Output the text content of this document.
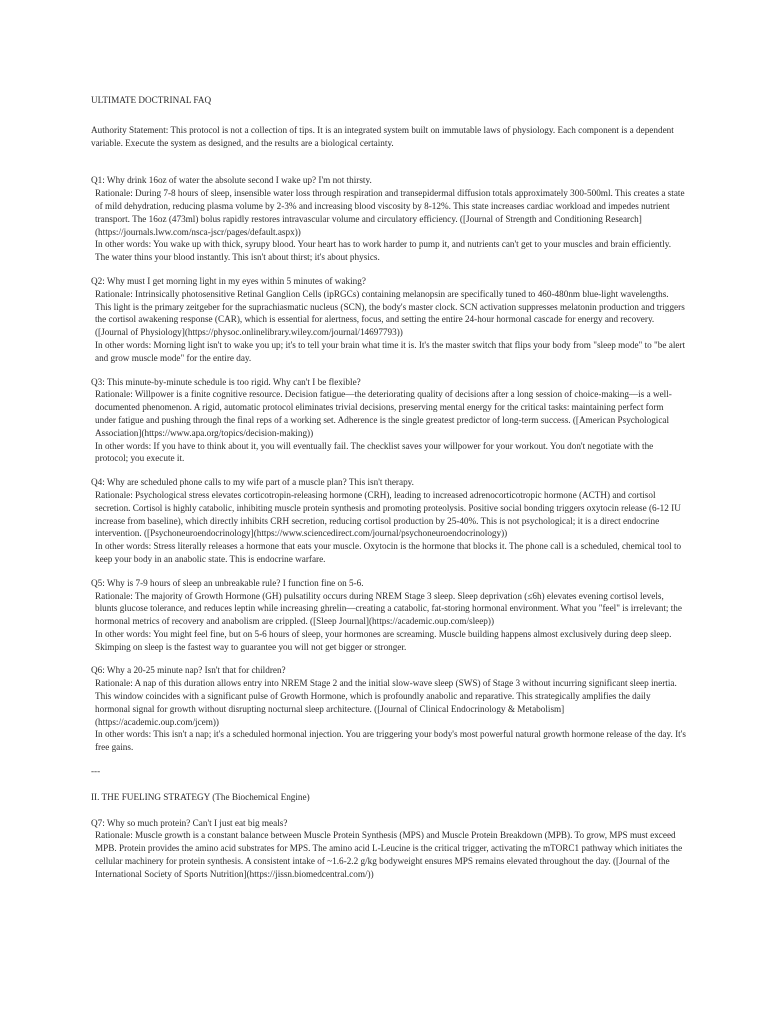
ULTIMATE DOCTRINAL FAQ

Authority Statement: This protocol is not a collection of tips. It is an integrated system built on immutable laws of physiology. Each component is a dependent variable. Execute the system as designed, and the results are a biological certainty.

Q1: Why drink 16oz of water the absolute second I wake up? I'm not thirsty.

Rationale: During 7-8 hours of sleep, insensible water loss through respiration and transepidermal diffusion totals approximately 300-500ml. This creates a state of mild dehydration, reducing plasma volume by 2-3% and increasing blood viscosity by 8-12%. This state increases cardiac workload and impedes nutrient transport. The 16oz (473ml) bolus rapidly restores intravascular volume and circulatory efficiency. ([Journal of Strength and Conditioning Research](https://journals.lww.com/nsca-jscr/pages/default.aspx))

In other words: You wake up with thick, syrupy blood. Your heart has to work harder to pump it, and nutrients can't get to your muscles and brain efficiently. The water thins your blood instantly. This isn't about thirst; it's about physics.

Q2: Why must I get morning light in my eyes within 5 minutes of waking?

Rationale: Intrinsically photosensitive Retinal Ganglion Cells (ipRGCs) containing melanopsin are specifically tuned to 460-480nm blue-light wavelengths. This light is the primary zeitgeber for the suprachiasmatic nucleus (SCN), the body's master clock. SCN activation suppresses melatonin production and triggers the cortisol awakening response (CAR), which is essential for alertness, focus, and setting the entire 24-hour hormonal cascade for energy and recovery. ([Journal of Physiology](https://physoc.onlinelibrary.wiley.com/journal/14697793))

In other words: Morning light isn't to wake you up; it's to tell your brain what time it is. It's the master switch that flips your body from "sleep mode" to "be alert and grow muscle mode" for the entire day.

Q3: This minute-by-minute schedule is too rigid. Why can't I be flexible?

Rationale: Willpower is a finite cognitive resource. Decision fatigue—the deteriorating quality of decisions after a long session of choice-making—is a well-documented phenomenon. A rigid, automatic protocol eliminates trivial decisions, preserving mental energy for the critical tasks: maintaining perfect form under fatigue and pushing through the final reps of a working set. Adherence is the single greatest predictor of long-term success. ([American Psychological Association](https://www.apa.org/topics/decision-making))

In other words: If you have to think about it, you will eventually fail. The checklist saves your willpower for your workout. You don't negotiate with the protocol; you execute it.

Q4: Why are scheduled phone calls to my wife part of a muscle plan? This isn't therapy.

Rationale: Psychological stress elevates corticotropin-releasing hormone (CRH), leading to increased adrenocorticotropic hormone (ACTH) and cortisol secretion. Cortisol is highly catabolic, inhibiting muscle protein synthesis and promoting proteolysis. Positive social bonding triggers oxytocin release (6-12 IU increase from baseline), which directly inhibits CRH secretion, reducing cortisol production by 25-40%. This is not psychological; it is a direct endocrine intervention. ([Psychoneuroendocrinology](https://www.sciencedirect.com/journal/psychoneuroendocrinology))

In other words: Stress literally releases a hormone that eats your muscle. Oxytocin is the hormone that blocks it. The phone call is a scheduled, chemical tool to keep your body in an anabolic state. This is endocrine warfare.

Q5: Why is 7-9 hours of sleep an unbreakable rule? I function fine on 5-6.

Rationale: The majority of Growth Hormone (GH) pulsatility occurs during NREM Stage 3 sleep. Sleep deprivation (≤6h) elevates evening cortisol levels, blunts glucose tolerance, and reduces leptin while increasing ghrelin—creating a catabolic, fat-storing hormonal environment. What you "feel" is irrelevant; the hormonal metrics of recovery and anabolism are crippled. ([Sleep Journal](https://academic.oup.com/sleep))

In other words: You might feel fine, but on 5-6 hours of sleep, your hormones are screaming. Muscle building happens almost exclusively during deep sleep. Skimping on sleep is the fastest way to guarantee you will not get bigger or stronger.

Q6: Why a 20-25 minute nap? Isn't that for children?

Rationale: A nap of this duration allows entry into NREM Stage 2 and the initial slow-wave sleep (SWS) of Stage 3 without incurring significant sleep inertia. This window coincides with a significant pulse of Growth Hormone, which is profoundly anabolic and reparative. This strategically amplifies the daily hormonal signal for growth without disrupting nocturnal sleep architecture. ([Journal of Clinical Endocrinology & Metabolism](https://academic.oup.com/jcem))

In other words: This isn't a nap; it's a scheduled hormonal injection. You are triggering your body's most powerful natural growth hormone release of the day. It's free gains.

---

II. THE FUELING STRATEGY (The Biochemical Engine)

Q7: Why so much protein? Can't I just eat big meals?

Rationale: Muscle growth is a constant balance between Muscle Protein Synthesis (MPS) and Muscle Protein Breakdown (MPB). To grow, MPS must exceed MPB. Protein provides the amino acid substrates for MPS. The amino acid L-Leucine is the critical trigger, activating the mTORC1 pathway which initiates the cellular machinery for protein synthesis. A consistent intake of ~1.6-2.2 g/kg bodyweight ensures MPS remains elevated throughout the day. ([Journal of the International Society of Sports Nutrition](https://jissn.biomedcentral.com/))
